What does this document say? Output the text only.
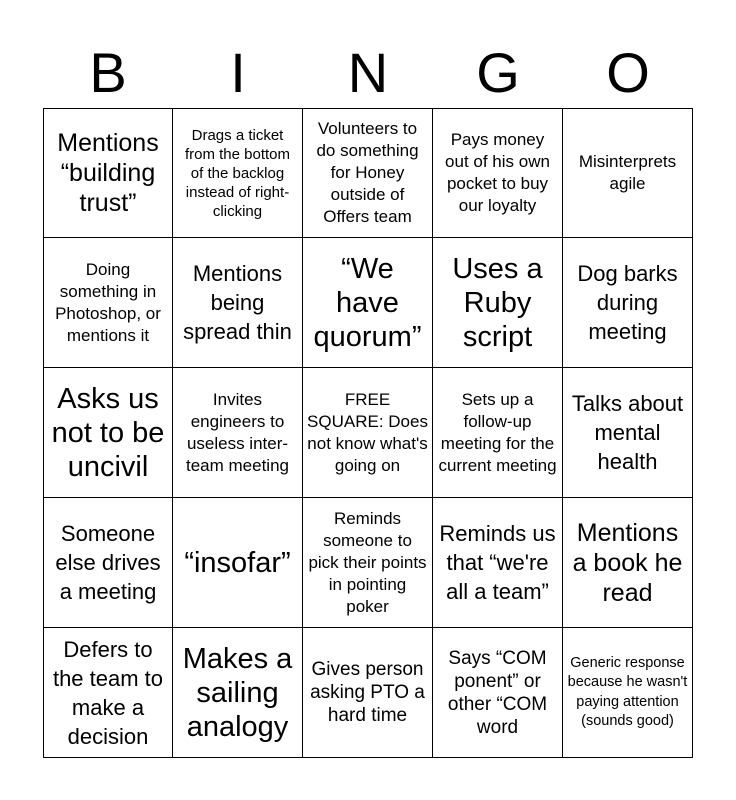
B	I	N	G	O
Mentions “building trust”
Drags a ticket from the bottom of the backlog instead of right-clicking
Volunteers to do something for Honey outside of Offers team
Pays money out of his own pocket to buy our loyalty
Misinterprets agile
Doing something in Photoshop, or mentions it
Mentions being spread thin
“We have quorum”
Uses a Ruby script
Dog barks during meeting
Asks us not to be uncivil
Invites engineers to useless inter-team meeting
FREE SQUARE: Does not know what's going on
Sets up a follow-up meeting for the current meeting
Talks about mental health
Someone else drives a meeting
“insofar”
Reminds someone to pick their points in pointing poker
Reminds us that “we're all a team”
Mentions a book he read
Defers to the team to make a decision
Makes a sailing analogy
Gives person asking PTO a hard time
Says “COM ponent” or other “COM word
Generic response because he wasn't paying attention (sounds good)
